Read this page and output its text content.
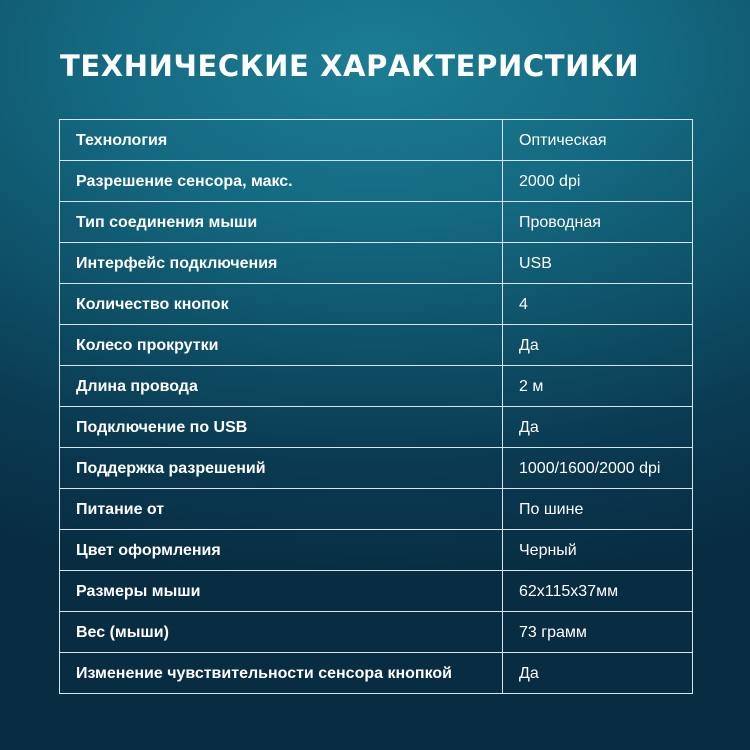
ТЕХНИЧЕСКИЕ ХАРАКТЕРИСТИКИ
Технология	Оптическая
Разрешение сенсора, макс.	2000 dpi
Тип соединения мыши	Проводная
Интерфейс подключения	USB
Количество кнопок	4
Колесо прокрутки	Да
Длина провода	2 м
Подключение по USB	Да
Поддержка разрешений	1000/1600/2000 dpi
Питание от	По шине
Цвет оформления	Черный
Размеры мыши	62х115х37мм
Вес (мыши)	73 грамм
Изменение чувствительности сенсора кнопкой	Да
